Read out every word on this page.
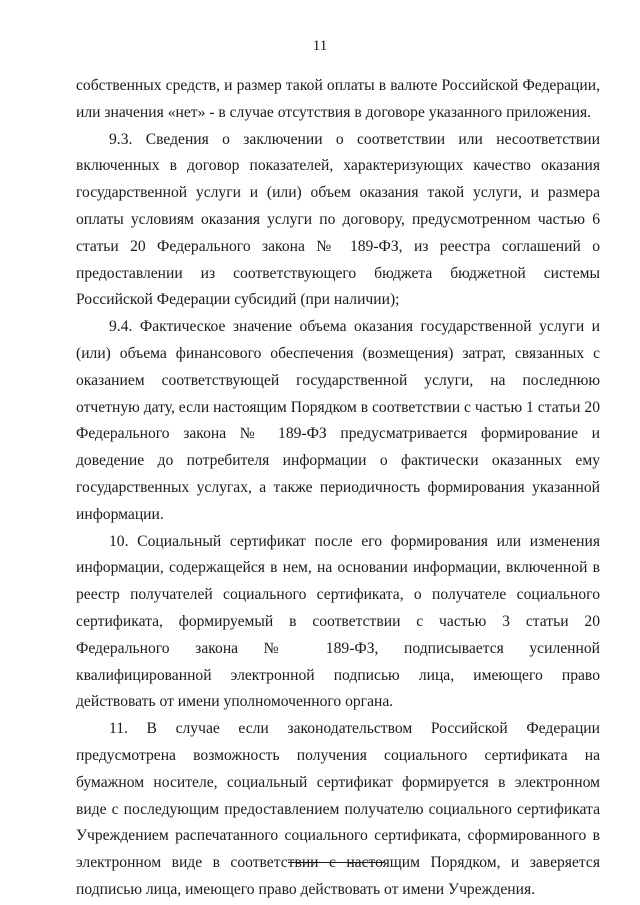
11

собственных средств, и размер такой оплаты в валюте Российской Федерации, или значения «нет» - в случае отсутствия в договоре указанного приложения.

9.3. Сведения о заключении о соответствии или несоответствии включенных в договор показателей, характеризующих качество оказания государственной услуги и (или) объем оказания такой услуги, и размера оплаты условиям оказания услуги по договору, предусмотренном частью 6 статьи 20 Федерального закона № 189-ФЗ, из реестра соглашений о предоставлении из соответствующего бюджета бюджетной системы Российской Федерации субсидий (при наличии);

9.4. Фактическое значение объема оказания государственной услуги и (или) объема финансового обеспечения (возмещения) затрат, связанных с оказанием соответствующей государственной услуги, на последнюю отчетную дату, если настоящим Порядком в соответствии с частью 1 статьи 20 Федерального закона № 189-ФЗ предусматривается формирование и доведение до потребителя информации о фактически оказанных ему государственных услугах, а также периодичность формирования указанной информации.

10. Социальный сертификат после его формирования или изменения информации, содержащейся в нем, на основании информации, включенной в реестр получателей социального сертификата, о получателе социального сертификата, формируемый в соответствии с частью 3 статьи 20 Федерального закона № 189-ФЗ, подписывается усиленной квалифицированной электронной подписью лица, имеющего право действовать от имени уполномоченного органа.

11. В случае если законодательством Российской Федерации предусмотрена возможность получения социального сертификата на бумажном носителе, социальный сертификат формируется в электронном виде с последующим предоставлением получателю социального сертификата Учреждением распечатанного социального сертификата, сформированного в электронном виде в соответствии с настоящим Порядком, и заверяется подписью лица, имеющего право действовать от имени Учреждения.
